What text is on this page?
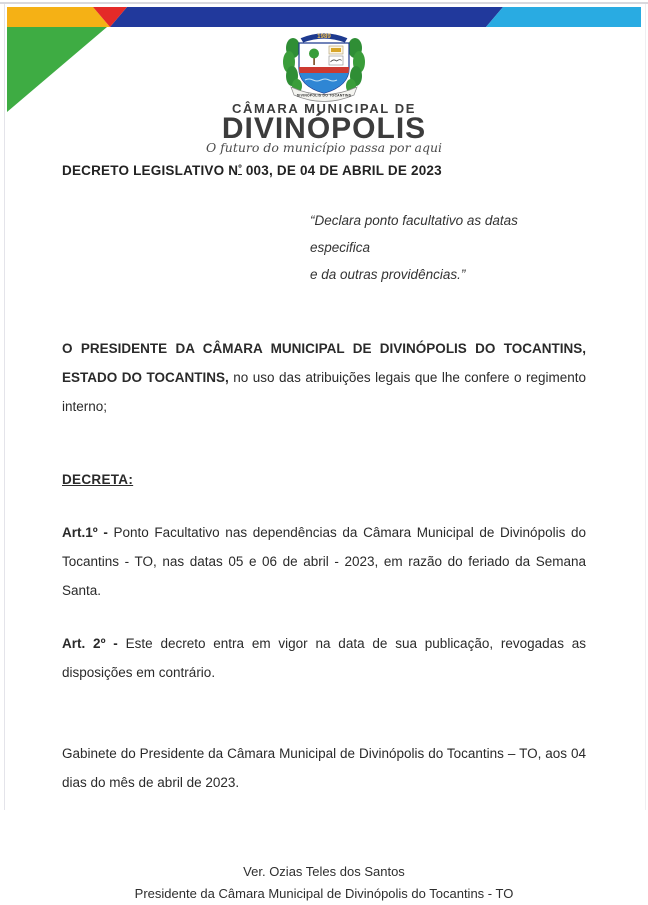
1989
DIVINÓPOLIS DO TOCANTINS
CÂMARA MUNICIPAL DE
DIVINÓPOLIS
O futuro do município passa por aqui
DECRETO LEGISLATIVO $N^º$ 003, DE 04 DE ABRIL DE 2023
“Declara ponto facultativo as datas especifica
e da outras providências.”

O PRESIDENTE DA CÂMARA MUNICIPAL DE DIVINÓPOLIS DO TOCANTINS, ESTADO DO TOCANTINS, no uso das atribuições legais que lhe confere o regimento interno;

DECRETA:

Art.1º - Ponto Facultativo nas dependências da Câmara Municipal de Divinópolis do Tocantins - TO, nas datas 05 e 06 de abril - 2023, em razão do feriado da Semana Santa.

Art. 2º - Este decreto entra em vigor na data de sua publicação, revogadas as disposições em contrário.

Gabinete do Presidente da Câmara Municipal de Divinópolis do Tocantins – TO, aos 04 dias do mês de abril de 2023.

Ver. Ozias Teles dos Santos
Presidente da Câmara Municipal de Divinópolis do Tocantins - TO
